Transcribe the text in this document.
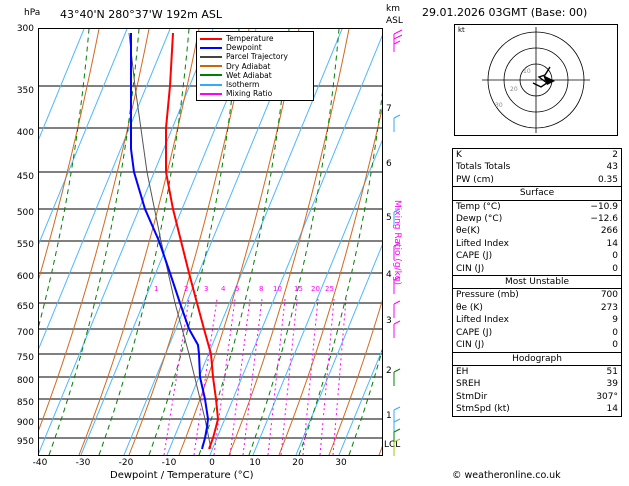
hPa 43°40'N 280°37'W 192m ASL	km
ASL
300
350
400
450
500
550
600
650
700
750
800
850
900
950
7
6
5
4
3
2
1
LCL
Mixing Ratio (g/kg)
-40	-30	-20	-10	0	10	20	30
Dewpoint / Temperature (°C)
1	2 3 4 5	8 10 15 20 25
Temperature
Dewpoint
Parcel Trajectory
Dry Adiabat
Wet Adiabat
Isotherm
Mixing Ratio
29.01.2026 03GMT (Base: 00)
kt
10
20
30
K	2
Totals Totals	43
PW (cm)	0.35
Surface	
Temp (°C)	−10.9
Dewp (°C)	−12.6
θe(K)	266
Lifted Index	14
CAPE (J)	0
CIN (J)	0
Most Unstable	
Pressure (mb)	700
θe (K)	273
Lifted Index	9
CAPE (J)	0
CIN (J)	0
Hodograph	
EH	51
SREH	39
StmDir	307°
StmSpd (kt)	14
© weatheronline.co.uk
